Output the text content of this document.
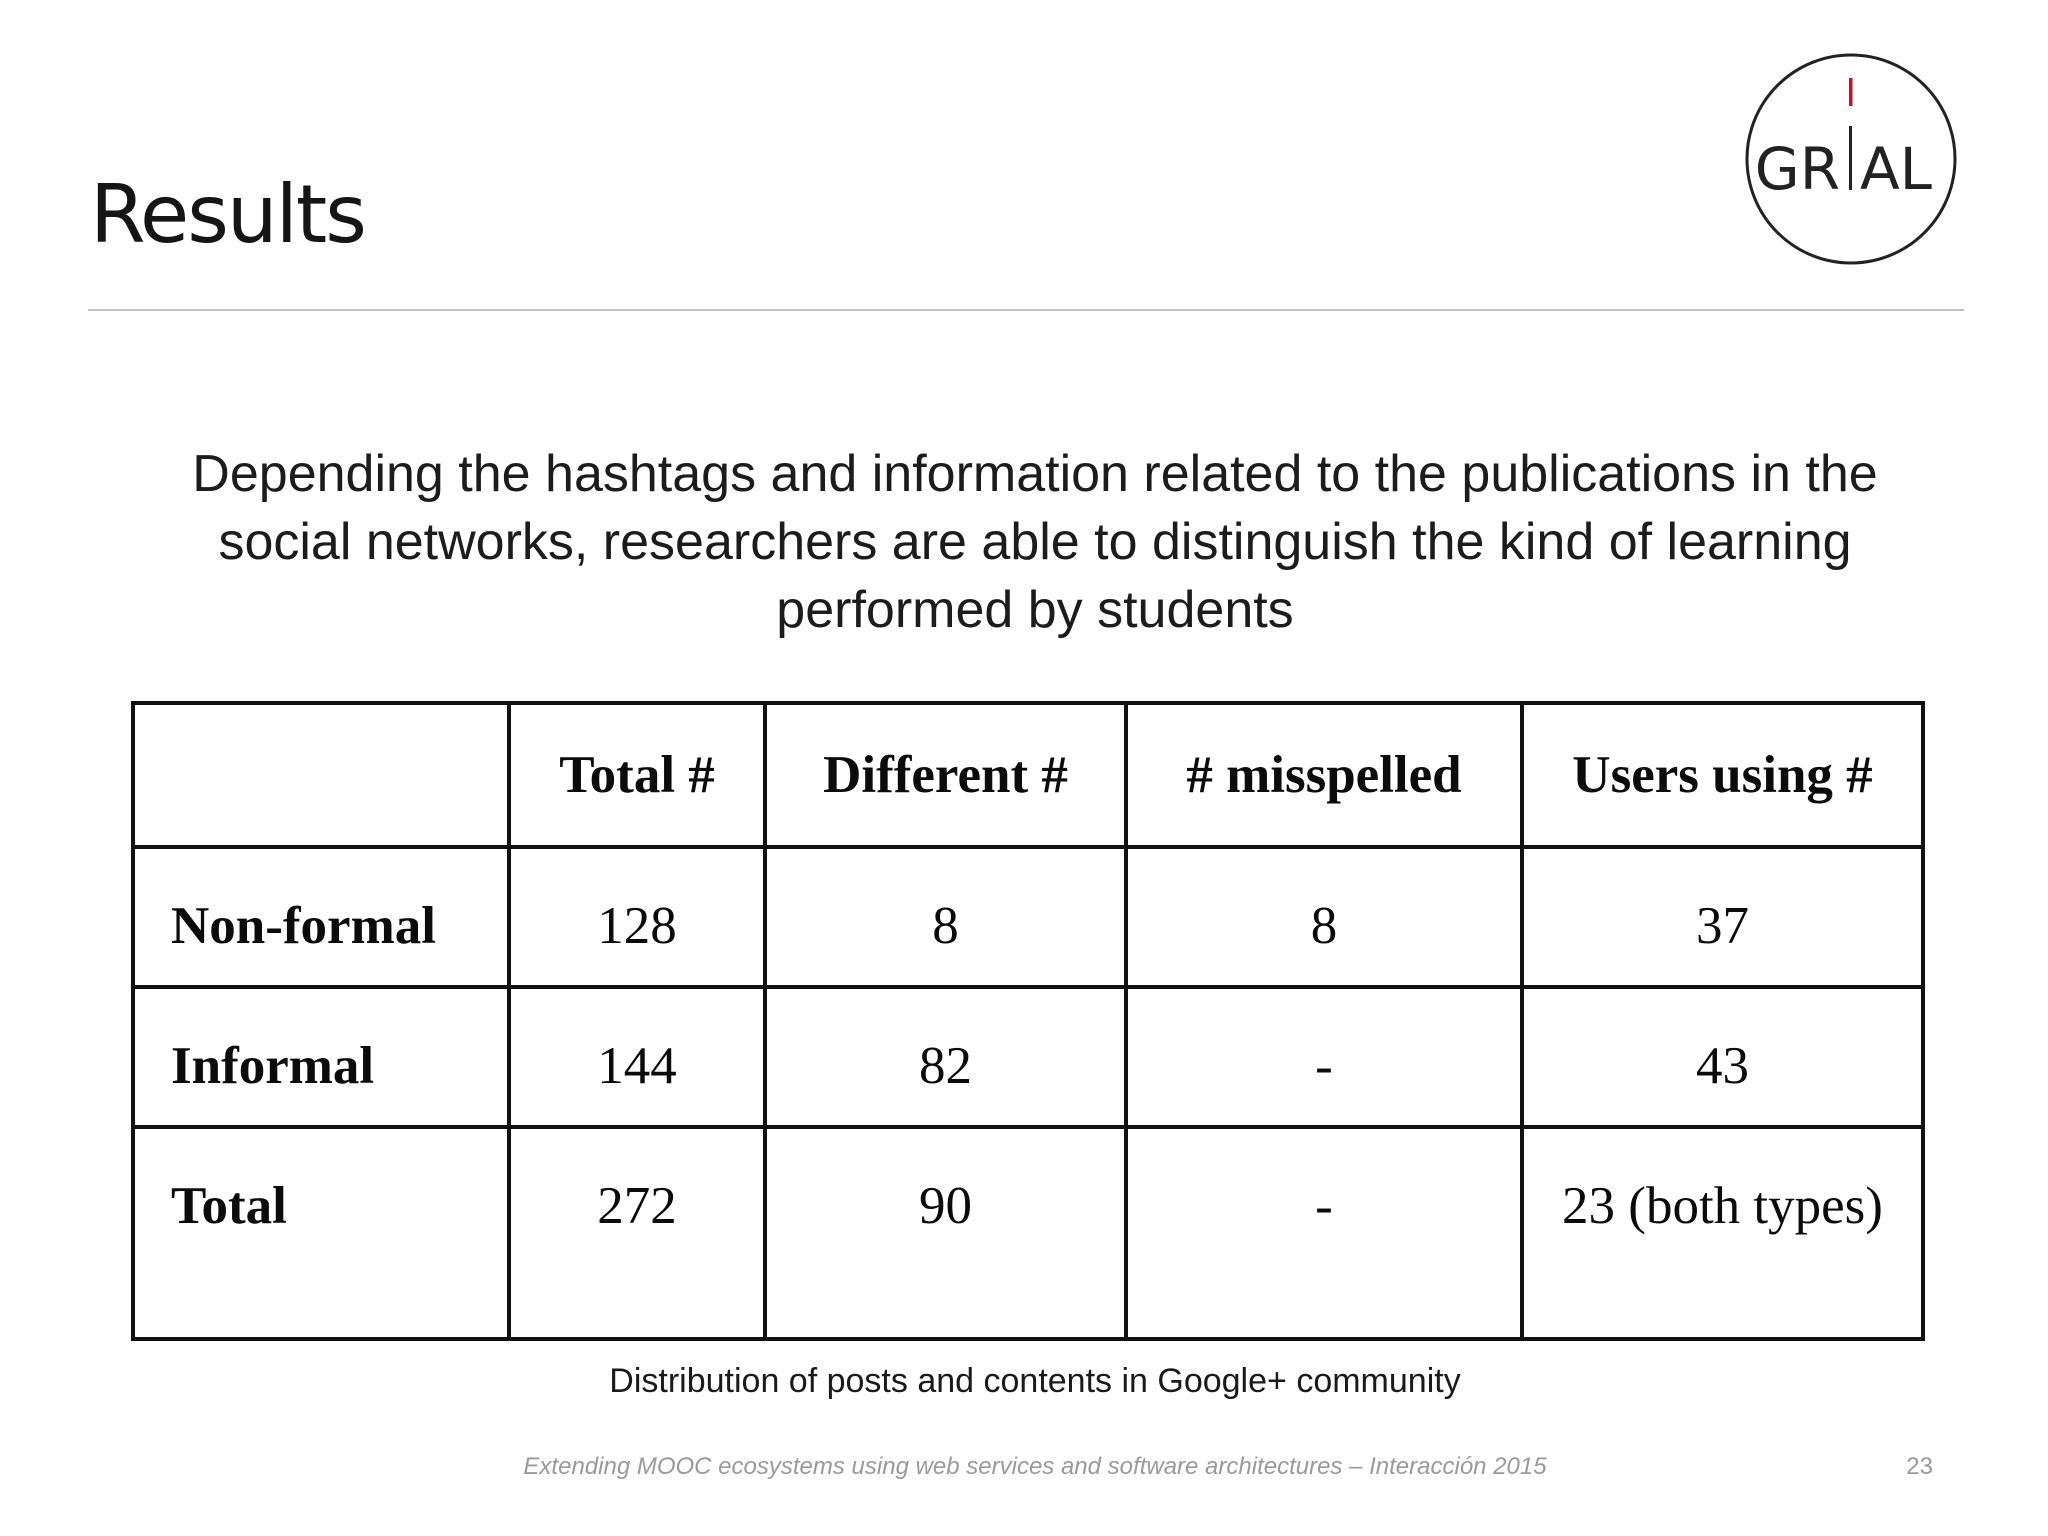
Results	GR AL
Depending the hashtags and information related to the publications in the social networks, researchers are able to distinguish the kind of learning performed by students
	Total #	Different #	# misspelled	Users using #
Non-formal	128	8	8	37
Informal	144	82	-	43
Total	272	90	-	23 (both types)
Distribution of posts and contents in Google+ community
Extending MOOC ecosystems using web services and software architectures – Interacción 2015	23
